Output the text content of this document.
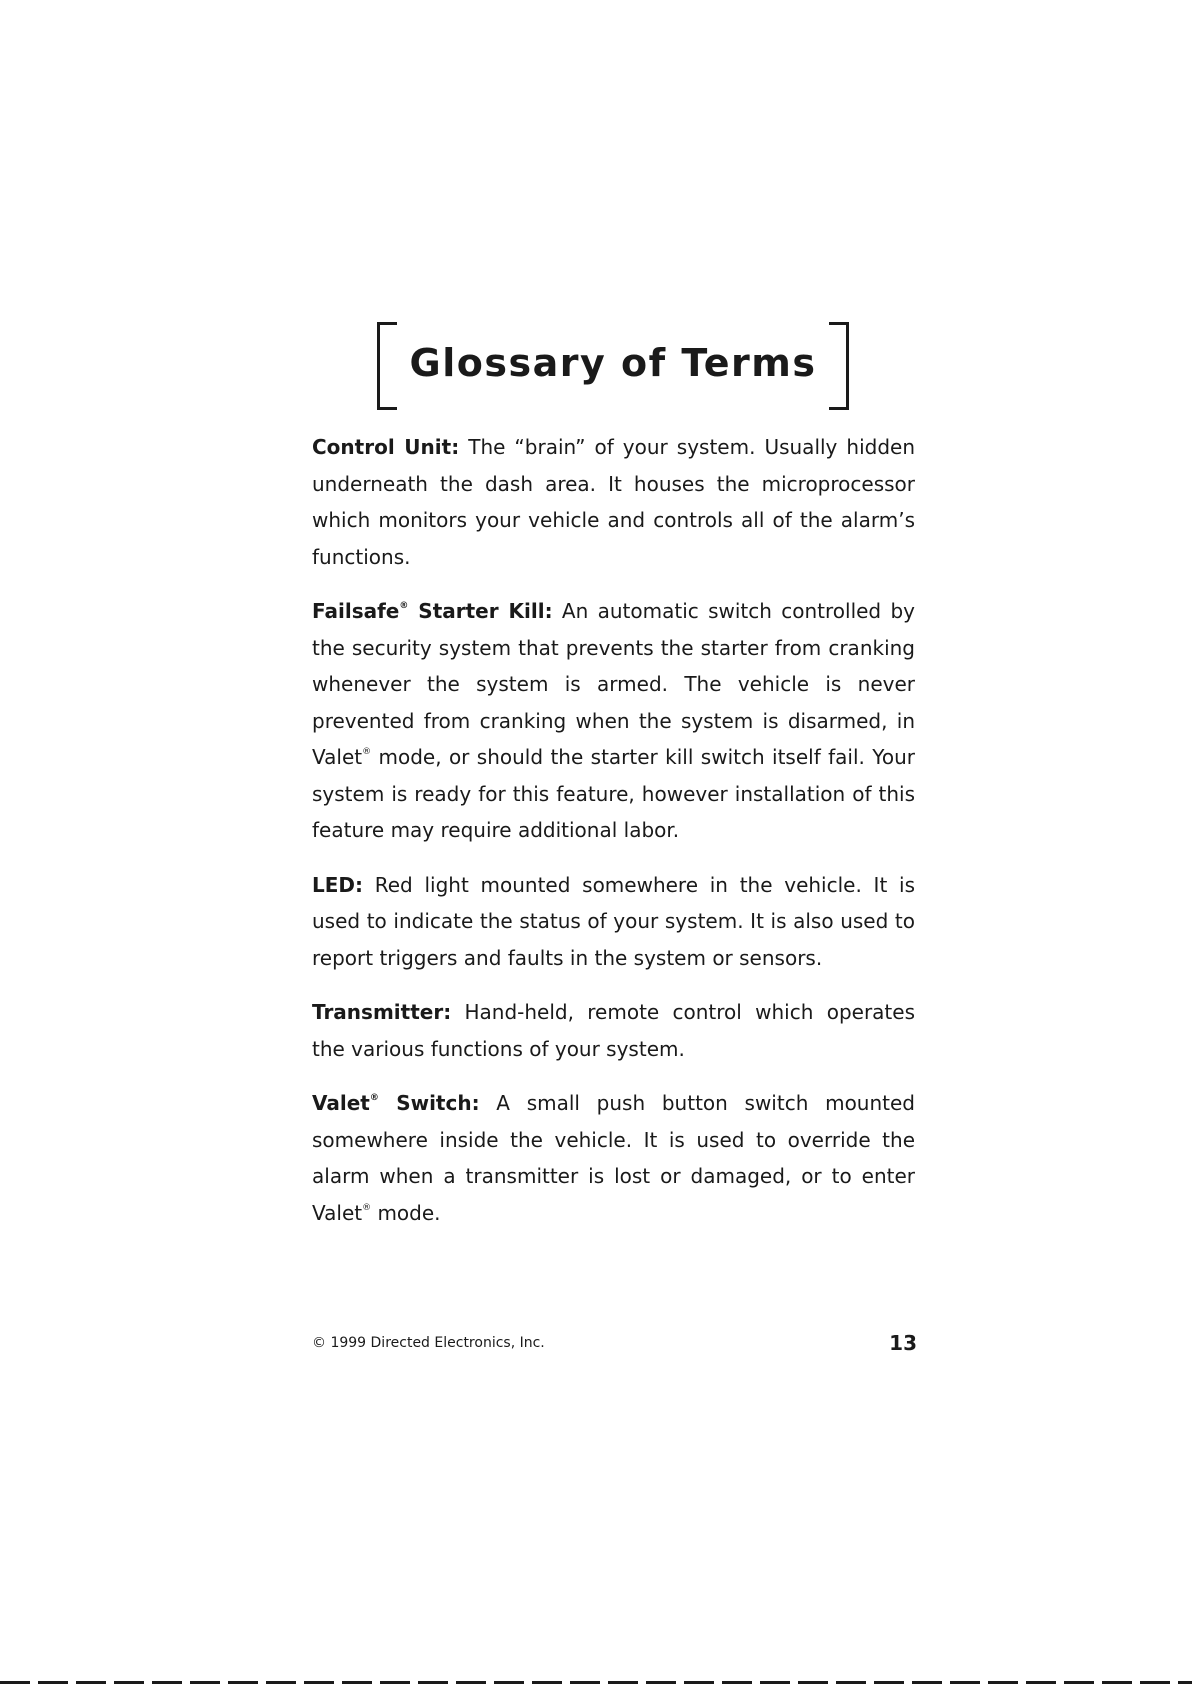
Glossary of Terms

Control Unit: The “brain” of your system. Usually hidden underneath the dash area. It houses the microprocessor which monitors your vehicle and controls all of the alarm’s functions.

Failsafe® Starter Kill: An automatic switch controlled by the security system that prevents the starter from cranking whenever the system is armed. The vehicle is never prevented from cranking when the system is disarmed, in Valet® mode, or should the starter kill switch itself fail. Your system is ready for this feature, however installation of this feature may require additional labor.

LED: Red light mounted somewhere in the vehicle. It is used to indicate the status of your system. It is also used to report triggers and faults in the system or sensors.

Transmitter: Hand-held, remote control which operates the various functions of your system.

Valet® Switch: A small push button switch mounted somewhere inside the vehicle. It is used to override the alarm when a transmitter is lost or damaged, or to enter Valet® mode.

© 1999 Directed Electronics, Inc.	13
